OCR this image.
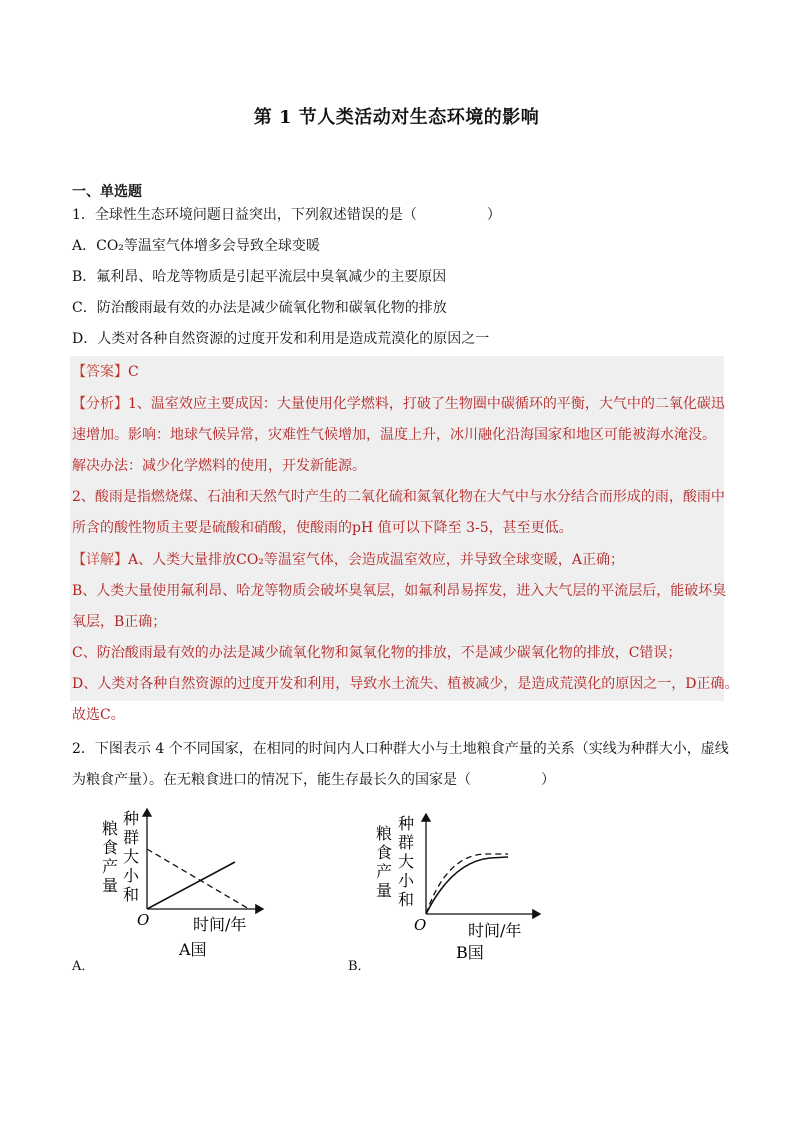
第 1 节人类活动对生态环境的影响
一、单选题
1．全球性生态环境问题日益突出，下列叙述错误的是（　　　　　）
A．CO₂等温室气体增多会导致全球变暖
B．氟利昂、哈龙等物质是引起平流层中臭氧减少的主要原因
C．防治酸雨最有效的办法是减少硫氧化物和碳氧化物的排放
D．人类对各种自然资源的过度开发和利用是造成荒漠化的原因之一
【答案】C
【分析】1、温室效应主要成因：大量使用化学燃料，打破了生物圈中碳循环的平衡，大气中的二氧化碳迅
速增加。影响：地球气候异常，灾难性气候增加，温度上升，冰川融化沿海国家和地区可能被海水淹没。
解决办法：减少化学燃料的使用，开发新能源。
2、酸雨是指燃烧煤、石油和天然气时产生的二氧化硫和氮氧化物在大气中与水分结合而形成的雨，酸雨中
所含的酸性物质主要是硫酸和硝酸，使酸雨的pH 值可以下降至 3-5，甚至更低。
【详解】A、人类大量排放CO₂等温室气体，会造成温室效应，并导致全球变暖，A正确；
B、人类大量使用氟利昂、哈龙等物质会破坏臭氧层，如氟利昂易挥发，进入大气层的平流层后，能破坏臭
氧层，B正确；
C、防治酸雨最有效的办法是减少硫氧化物和氮氧化物的排放，不是减少碳氧化物的排放，C错误；
D、人类对各种自然资源的过度开发和利用，导致水土流失、植被减少，是造成荒漠化的原因之一，D正确。
故选C。
2．下图表示 4 个不同国家，在相同的时间内人口种群大小与土地粮食产量的关系（实线为种群大小，虚线
为粮食产量）。在无粮食进口的情况下，能生存最长久的国家是（　　　　　）
种
群
大
小
和
粮
食
产
量
O	时间/年
A国
A．
种
群
大
小
和
粮
食
产
量
O	时间/年
B国
B．
